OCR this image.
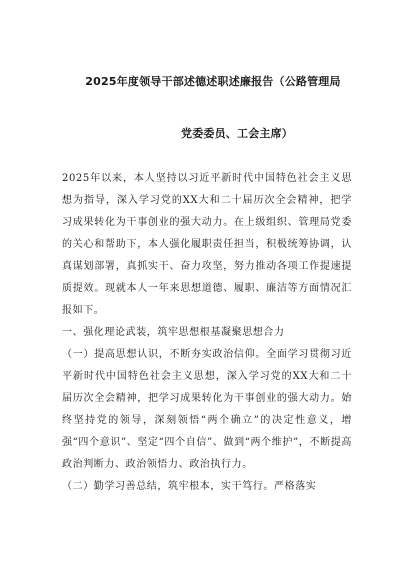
2025年度领导干部述德述职述廉报告（公路管理局
党委委员、工会主席）

2025年以来，本人坚持以习近平新时代中国特色社会主义思想为指导，深入学习党的XX大和二十届历次全会精神，把学习成果转化为干事创业的强大动力。在上级组织、管理局党委的关心和帮助下，本人强化履职责任担当，积极统筹协调，认真谋划部署，真抓实干、奋力攻坚，努力推动各项工作提速提质提效。现就本人一年来思想道德、履职、廉洁等方面情况汇报如下。

一、强化理论武装，筑牢思想根基凝聚思想合力

（一）提高思想认识，不断夯实政治信仰。全面学习贯彻习近平新时代中国特色社会主义思想，深入学习党的XX大和二十届历次全会精神，把学习成果转化为干事创业的强大动力。始终坚持党的领导，深刻领悟“两个确立”的决定性意义，增强“四个意识”、坚定“四个自信”、做到“两个维护”，不断提高政治判断力、政治领悟力、政治执行力。

（二）勤学习善总结，筑牢根本，实干笃行。严格落实
